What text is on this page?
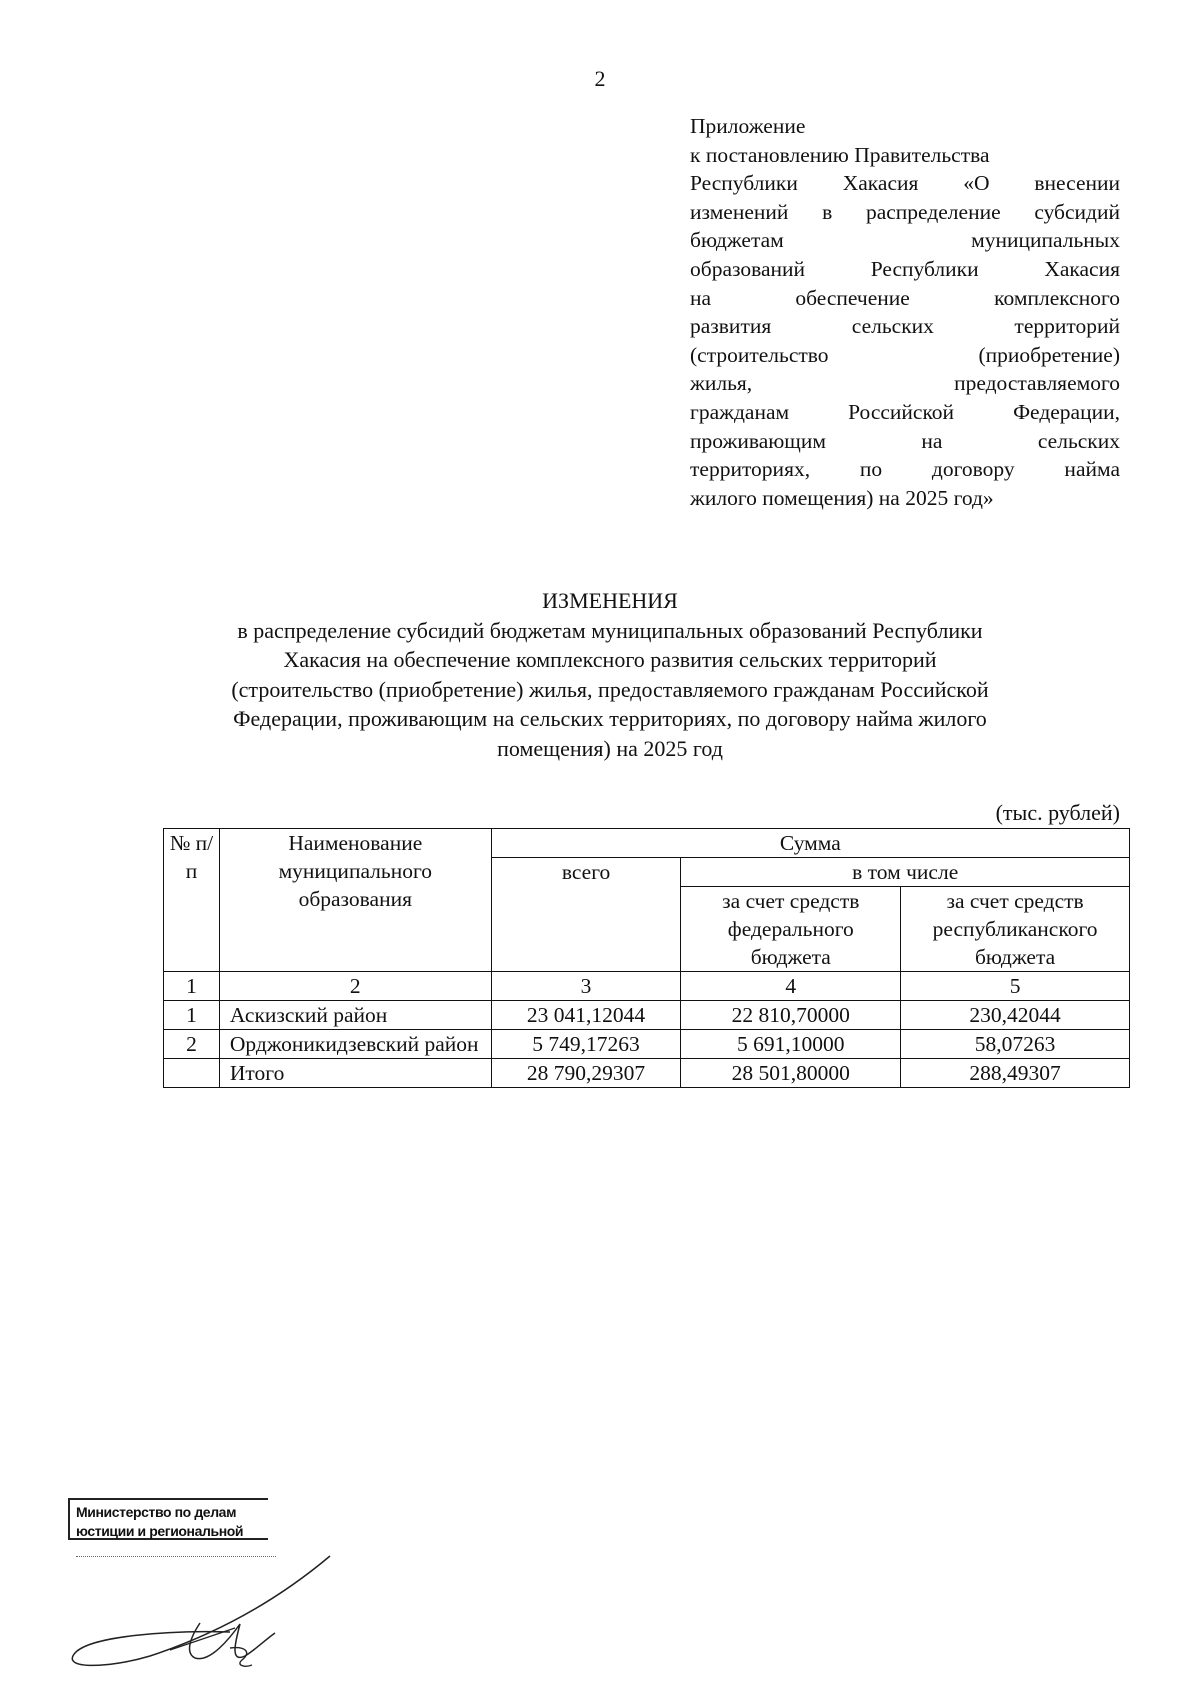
2
Приложение
к постановлению Правительства
Республики Хакасия «О внесении
изменений в распределение субсидий
бюджетам муниципальных
образований Республики Хакасия
на обеспечение комплексного
развития сельских территорий
(строительство (приобретение)
жилья, предоставляемого
гражданам Российской Федерации,
проживающим на сельских
территориях, по договору найма
жилого помещения) на 2025 год»
ИЗМЕНЕНИЯ
в распределение субсидий бюджетам муниципальных образований Республики
Хакасия на обеспечение комплексного развития сельских территорий
(строительство (приобретение) жилья, предоставляемого гражданам Российской
Федерации, проживающим на сельских территориях, по договору найма жилого
помещения) на 2025 год
(тыс. рублей)
№ п/п	Наименование муниципального образования	Сумма		
		всего	в том числе	
			за счет средств федерального бюджета	за счет средств республиканского бюджета
1	2	3	4	5
1	Аскизский район	23 041,12044	22 810,70000	230,42044
2	Орджоникидзевский район	5 749,17263	5 691,10000	58,07263
	Итого	28 790,29307	28 501,80000	288,49307
Министерство по делам
юстиции и региональной
